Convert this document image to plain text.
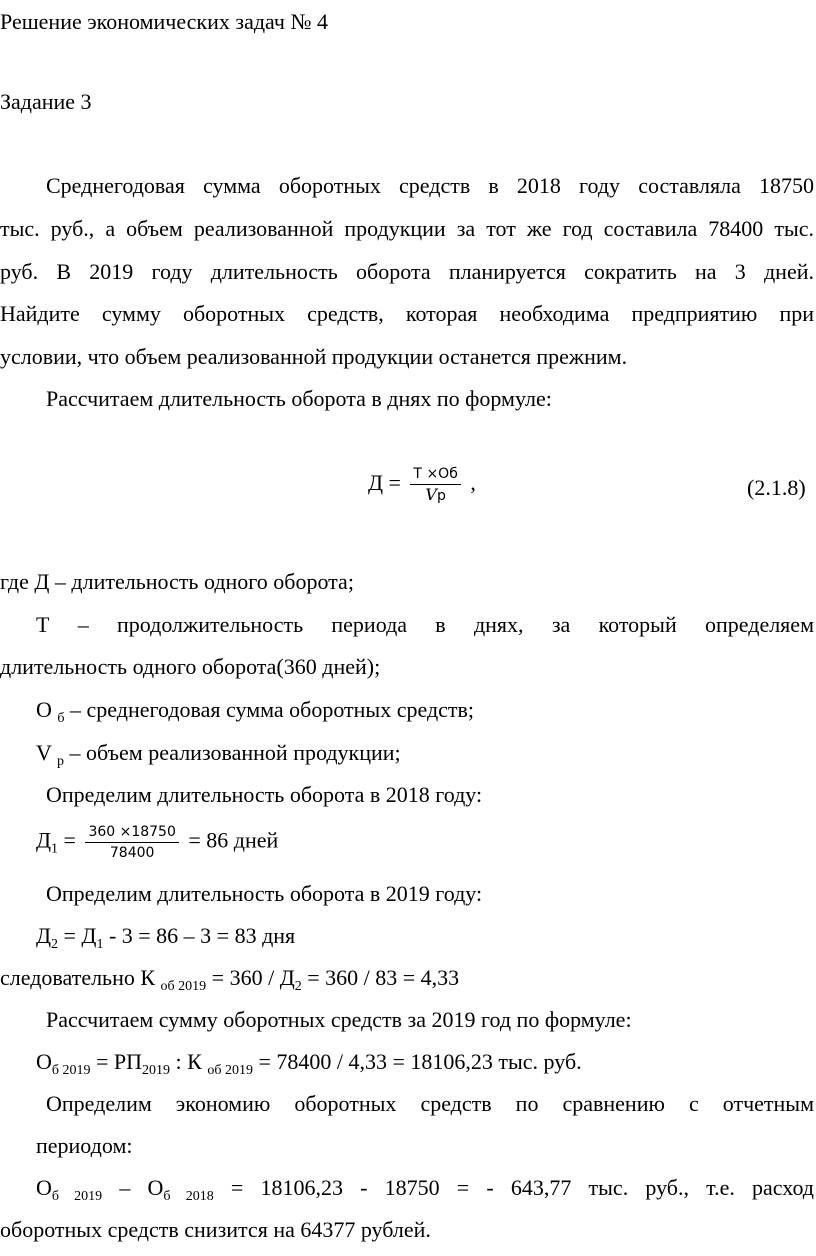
Решение экономических задач № 4
Задание 3
Среднегодовая сумма оборотных средств в 2018 году составляла 18750
тыс. руб., а объем реализованной продукции за тот же год составила 78400 тыс.
руб. В 2019 году длительность оборота планируется сократить на 3 дней.
Найдите сумму оборотных средств, которая необходима предприятию при
условии, что объем реализованной продукции останется прежним.
Рассчитаем длительность оборота в днях по формуле:
$Д = \frac{Т \times Об}{Vр}$ ,	(2.1.8)
где Д – длительность одного оборота;
Т – продолжительность периода в днях, за который определяем
длительность одного оборота(360 дней);
О $_б$ – среднегодовая сумма оборотных средств;
V $_р$ – объем реализованной продукции;
Определим длительность оборота в 2018 году:
$Д_1 = \frac{360 \times 18750}{78400} = 86$ дней
Определим длительность оборота в 2019 году:
$Д_2 = Д_1 - 3 = 86 - 3 = 83$ дня
следовательно К $_{об 2019} = 360 / Д_2 = 360 / 83 = 4,33$
Рассчитаем сумму оборотных средств за 2019 год по формуле:
$О_{б 2019} = РП_{2019}$ : К $_{об 2019}$ = 78400 / 4,33 = 18106,23 тыс. руб.
Определим экономию оборотных средств по сравнению с отчетным
периодом:
$О_{б 2019} - О_{б 2018} = 18106,23 - 18750$ = - 643,77 тыс. руб., т.е. расход
оборотных средств снизится на 64377 рублей.
